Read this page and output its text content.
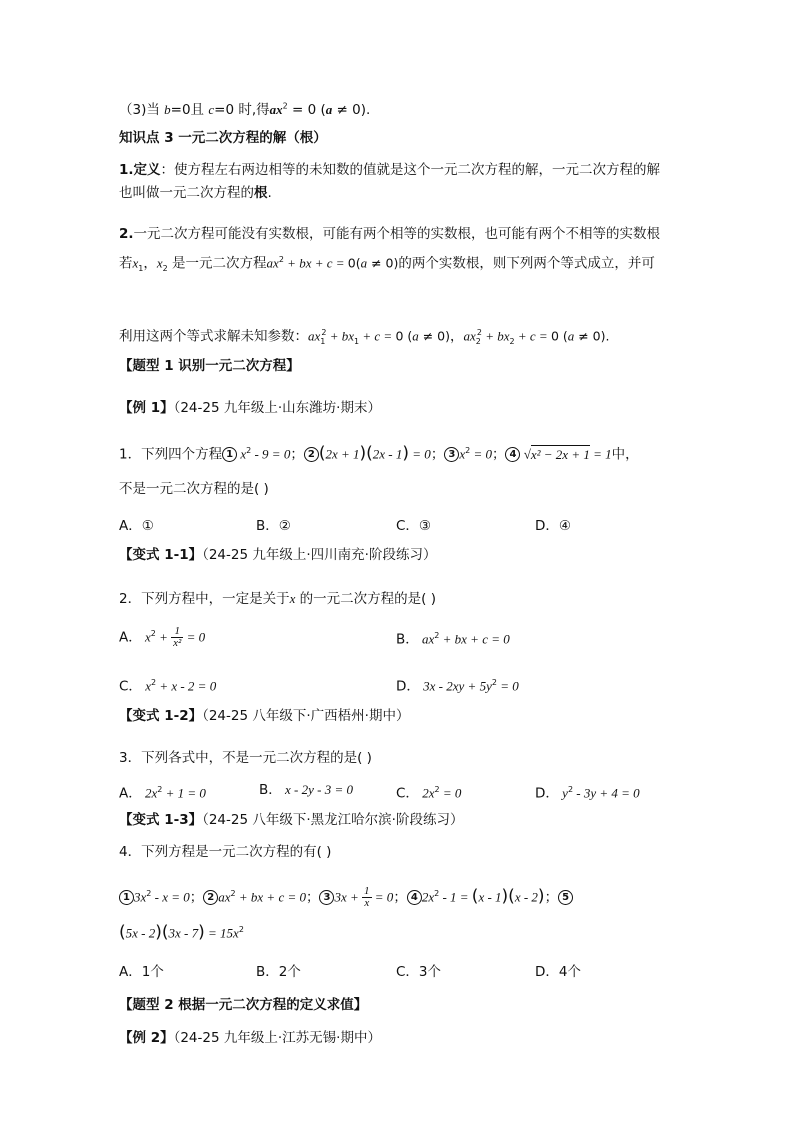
（3)当 b=0且 c=0 时,得$ax^2 = 0$ (a ≠ 0).
知识点 3 一元二次方程的解（根）
1.定义：使方程左右两边相等的未知数的值就是这个一元二次方程的解，一元二次方程的解
也叫做一元二次方程的根.
2.一元二次方程可能没有实数根，可能有两个相等的实数根，也可能有两个不相等的实数根
若$x_1$，$x_2$ 是一元二次方程$ax^2$ + bx + c = 0(a ≠ 0)的两个实数根，则下列两个等式成立，并可
利用这两个等式求解未知参数：$ax_1^2 + bx_1 + c = 0$ (a ≠ 0)，$ax_2^2 + bx_2 + c = 0$ (a ≠ 0).
【题型 1 识别一元二次方程】
【例 1】（24-25 九年级上·山东潍坊·期末）
1．下列四个方程 1 $x^2 - 9 = 0$； 2 (2x + 1)(2x - 1) = 0； 3 $x^2 = 0$； 4 √x² − 2x + 1 = 1中，
不是一元二次方程的是( )
A．①	B．②	C．③	D．④
【变式 1-1】（24-25 九年级上·四川南充·阶段练习）
2．下列方程中，一定是关于x 的一元二次方程的是( )
A． $x^2 + \frac{1}{\text{x²}} = 0$	B． $ax^2$ + bx + c = 0
C． $x^2 + x - 2 = 0$	D． $3x - 2xy + 5y^2 = 0$
【变式 1-2】（24-25 八年级下·广西梧州·期中）
3．下列各式中，不是一元二次方程的是( )
A． $2x^2 + 1 = 0$	B． x - 2y - 3 = 0	C． $2x^2 = 0$	D． $y^2 - 3y + 4 = 0$
【变式 1-3】（24-25 八年级下·黑龙江哈尔滨·阶段练习）
4．下列方程是一元二次方程的有( )
1 $3x^2 - x = 0$； 2 $ax^2$ + bx + c = 0； 3 $3x + \frac{1}{x} = 0$； 4 $2x^2 - 1 = (x - 1)(x - 2)$； 5
$(5x - 2)(3x - 7) = 15x^2$
A．1个	B．2个	C．3个	D．4个
【题型 2 根据一元二次方程的定义求值】
【例 2】（24-25 九年级上·江苏无锡·期中）
